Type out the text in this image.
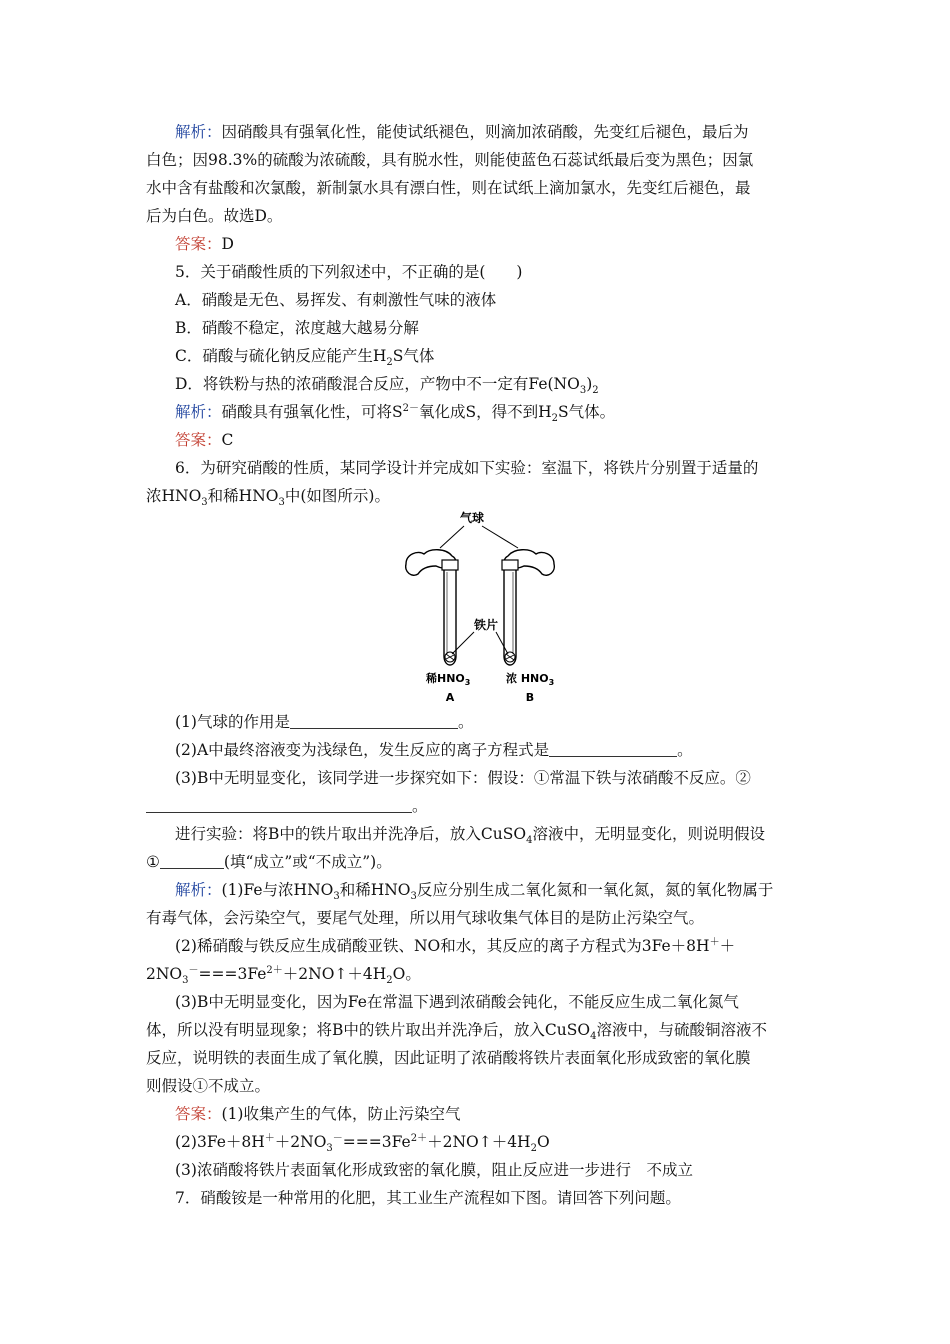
解析：因硝酸具有强氧化性，能使试纸褪色，则滴加浓硝酸，先变红后褪色，最后为
白色；因98.3%的硫酸为浓硫酸，具有脱水性，则能使蓝色石蕊试纸最后变为黑色；因氯
水中含有盐酸和次氯酸，新制氯水具有漂白性，则在试纸上滴加氯水，先变红后褪色，最
后为白色。故选D。
答案：D
5．关于硝酸性质的下列叙述中，不正确的是(　　)
A．硝酸是无色、易挥发、有刺激性气味的液体
B．硝酸不稳定，浓度越大越易分解
C．硝酸与硫化钠反应能产生$H_2S$气体
D．将铁粉与热的浓硝酸混合反应，产物中不一定有$Fe(NO_3)_2$
解析：硝酸具有强氧化性，可将$S^{2-}$氧化成S，得不到$H_2S$气体。
答案：C
6．为研究硝酸的性质，某同学设计并完成如下实验：室温下，将铁片分别置于适量的
浓$HNO_3$和稀$HNO_3$中(如图所示)。
气球
铁片
稀$HNO_3$	浓 $HNO_3$
A	B
(1)气球的作用是	。
(2)A中最终溶液变为浅绿色，发生反应的离子方程式是	。
(3)B中无明显变化，该同学进一步探究如下：假设：①常温下铁与浓硝酸不反应。②
。
进行实验：将B中的铁片取出并洗净后，放入CuSO$_4$溶液中，无明显变化，则说明假设
①	(填“成立”或“不成立”)。
解析：(1)Fe与浓$HNO_3$和稀$HNO_3$反应分别生成二氧化氮和一氧化氮，氮的氧化物属于
有毒气体，会污染空气，要尾气处理，所以用气球收集气体目的是防止污染空气。
(2)稀硝酸与铁反应生成硝酸亚铁、NO和水，其反应的离子方程式为3Fe＋8H＋＋
$2NO_3^-===3Fe^{2+}+2NO↑+4H_2O$。
(3)B中无明显变化，因为Fe在常温下遇到浓硝酸会钝化，不能反应生成二氧化氮气
体，所以没有明显现象；将B中的铁片取出并洗净后，放入CuSO$_4$溶液中，与硫酸铜溶液不
反应，说明铁的表面生成了氧化膜，因此证明了浓硝酸将铁片表面氧化形成致密的氧化膜
则假设①不成立。
答案：(1)收集产生的气体，防止污染空气
$(2)3Fe+8H^++2NO_3^-===3Fe^{2+}+2NO↑+4H_2O$
(3)浓硝酸将铁片表面氧化形成致密的氧化膜，阻止反应进一步进行　不成立
7．硝酸铵是一种常用的化肥，其工业生产流程如下图。请回答下列问题。
